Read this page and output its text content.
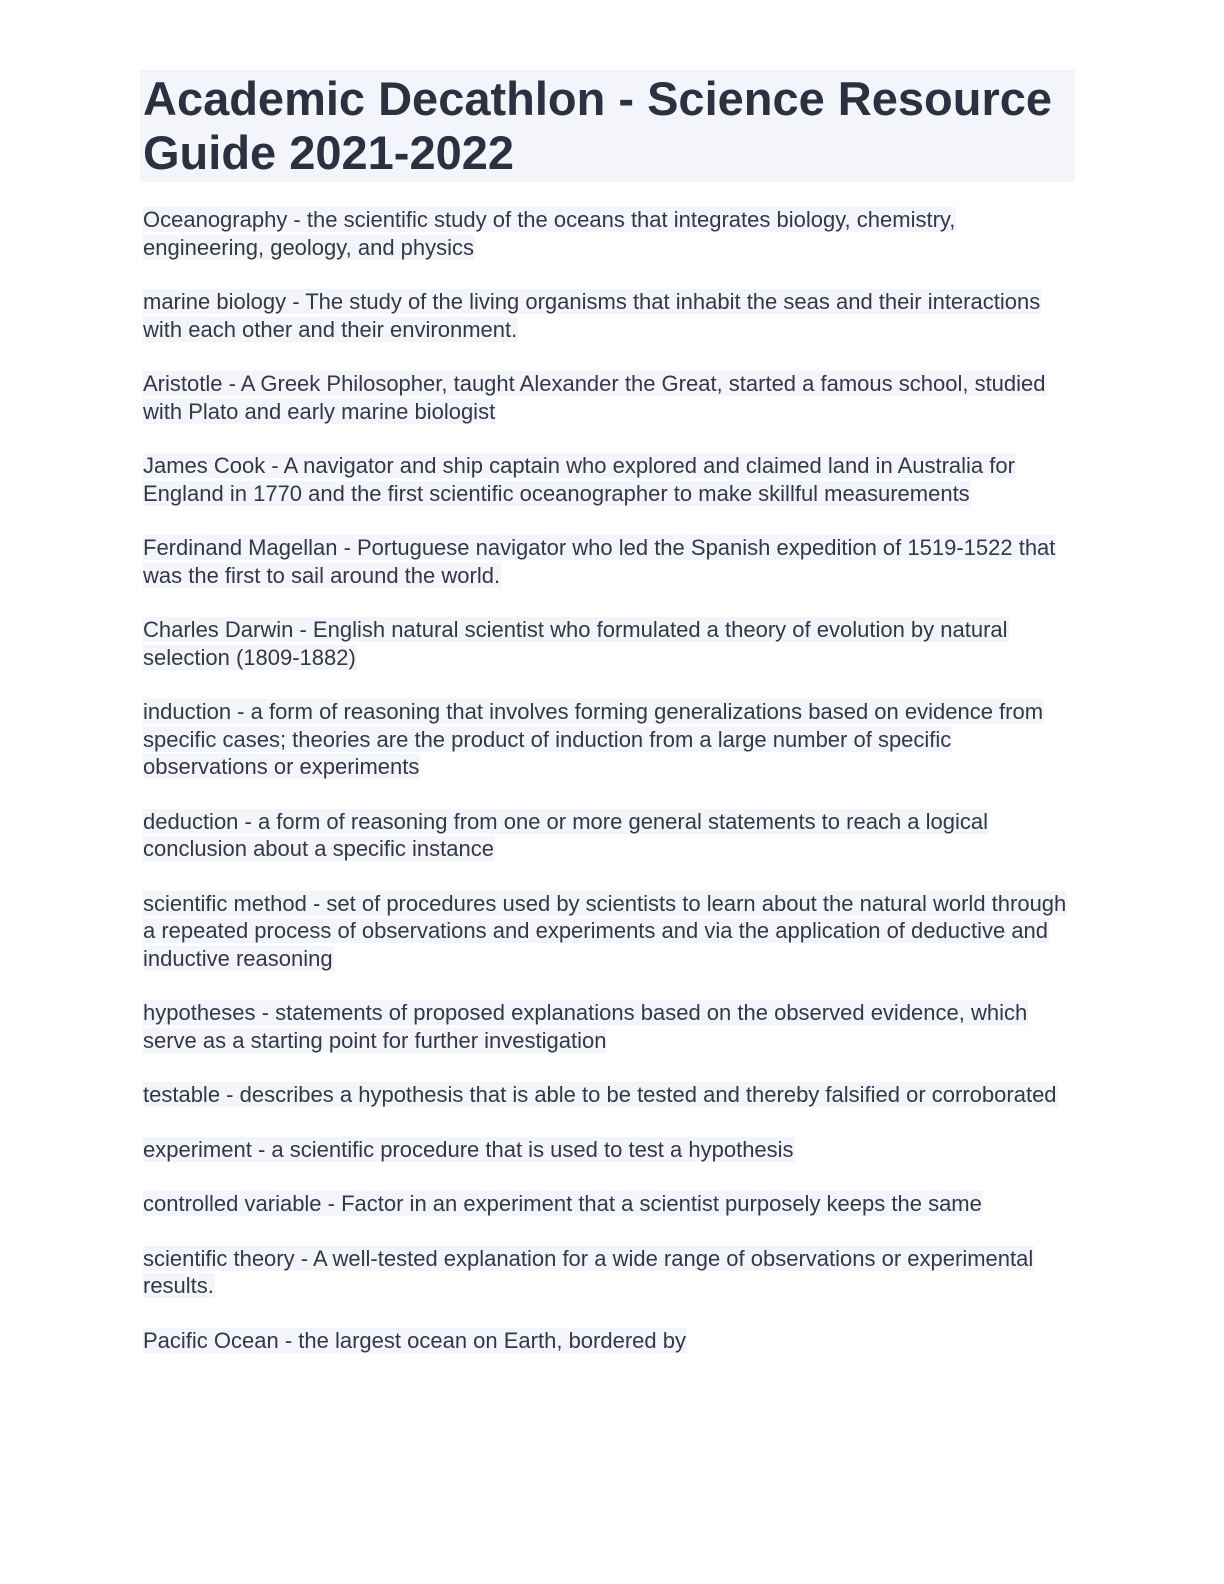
Academic Decathlon - Science Resource Guide 2021-2022

Oceanography - the scientific study of the oceans that integrates biology, chemistry, engineering, geology, and physics

marine biology - The study of the living organisms that inhabit the seas and their interactions with each other and their environment.

Aristotle - A Greek Philosopher, taught Alexander the Great, started a famous school, studied with Plato and early marine biologist

James Cook - A navigator and ship captain who explored and claimed land in Australia for England in 1770 and the first scientific oceanographer to make skillful measurements

Ferdinand Magellan - Portuguese navigator who led the Spanish expedition of 1519-1522 that was the first to sail around the world.

Charles Darwin - English natural scientist who formulated a theory of evolution by natural selection (1809-1882)

induction - a form of reasoning that involves forming generalizations based on evidence from specific cases; theories are the product of induction from a large number of specific observations or experiments

deduction - a form of reasoning from one or more general statements to reach a logical conclusion about a specific instance

scientific method - set of procedures used by scientists to learn about the natural world through a repeated process of observations and experiments and via the application of deductive and inductive reasoning

hypotheses - statements of proposed explanations based on the observed evidence, which serve as a starting point for further investigation

testable - describes a hypothesis that is able to be tested and thereby falsified or corroborated

experiment - a scientific procedure that is used to test a hypothesis

controlled variable - Factor in an experiment that a scientist purposely keeps the same

scientific theory - A well-tested explanation for a wide range of observations or experimental results.

Pacific Ocean - the largest ocean on Earth, bordered by
